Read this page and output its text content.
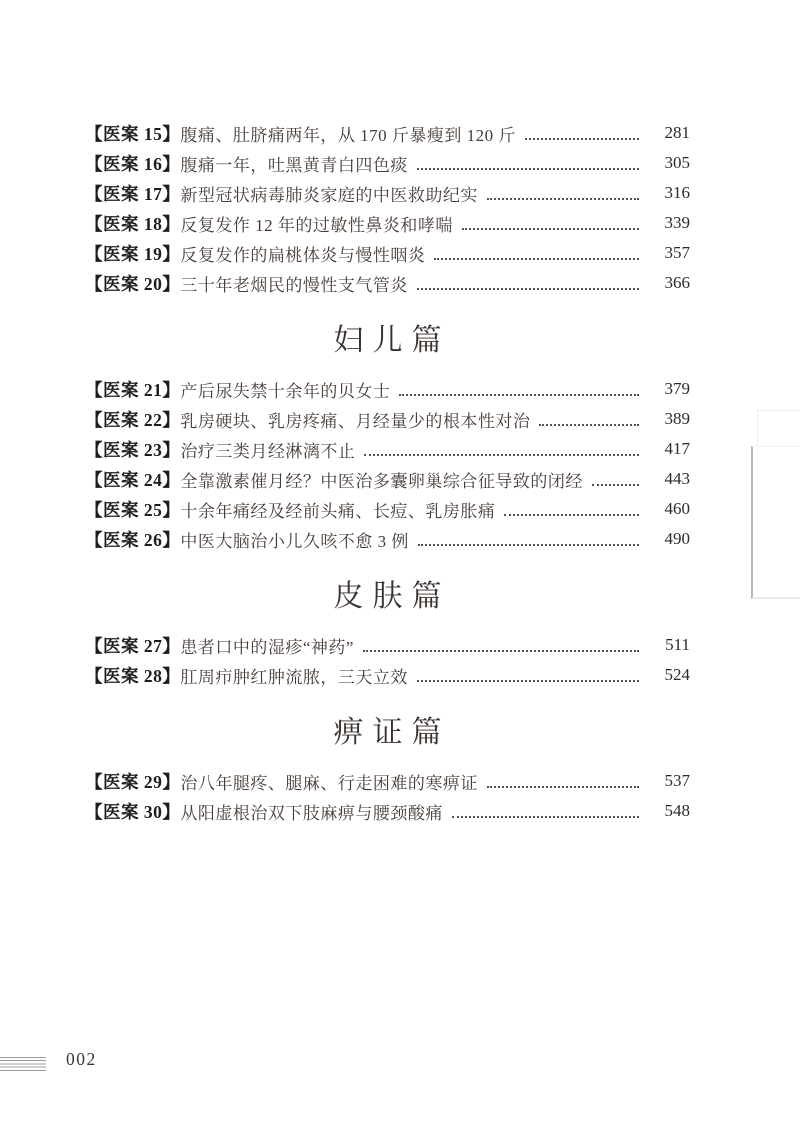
【医案 15】 腹痛、肚脐痛两年，从 170 斤暴瘦到 120 斤	281
【医案 16】 腹痛一年，吐黑黄青白四色痰	305
【医案 17】 新型冠状病毒肺炎家庭的中医救助纪实	316
【医案 18】 反复发作 12 年的过敏性鼻炎和哮喘	339
【医案 19】 反复发作的扁桃体炎与慢性咽炎	357
【医案 20】 三十年老烟民的慢性支气管炎	366
妇儿篇
【医案 21】 产后尿失禁十余年的贝女士	379
【医案 22】 乳房硬块、乳房疼痛、月经量少的根本性对治	389
【医案 23】 治疗三类月经淋漓不止	417
【医案 24】 全靠激素催月经？中医治多囊卵巢综合征导致的闭经	443
【医案 25】 十余年痛经及经前头痛、长痘、乳房胀痛	460
【医案 26】 中医大脑治小儿久咳不愈 3 例	490
皮肤篇
【医案 27】 患者口中的湿疹“神药”	511
【医案 28】 肛周疖肿红肿流脓，三天立效	524
痹证篇
【医案 29】 治八年腿疼、腿麻、行走困难的寒痹证	537
【医案 30】 从阳虚根治双下肢麻痹与腰颈酸痛	548
002
